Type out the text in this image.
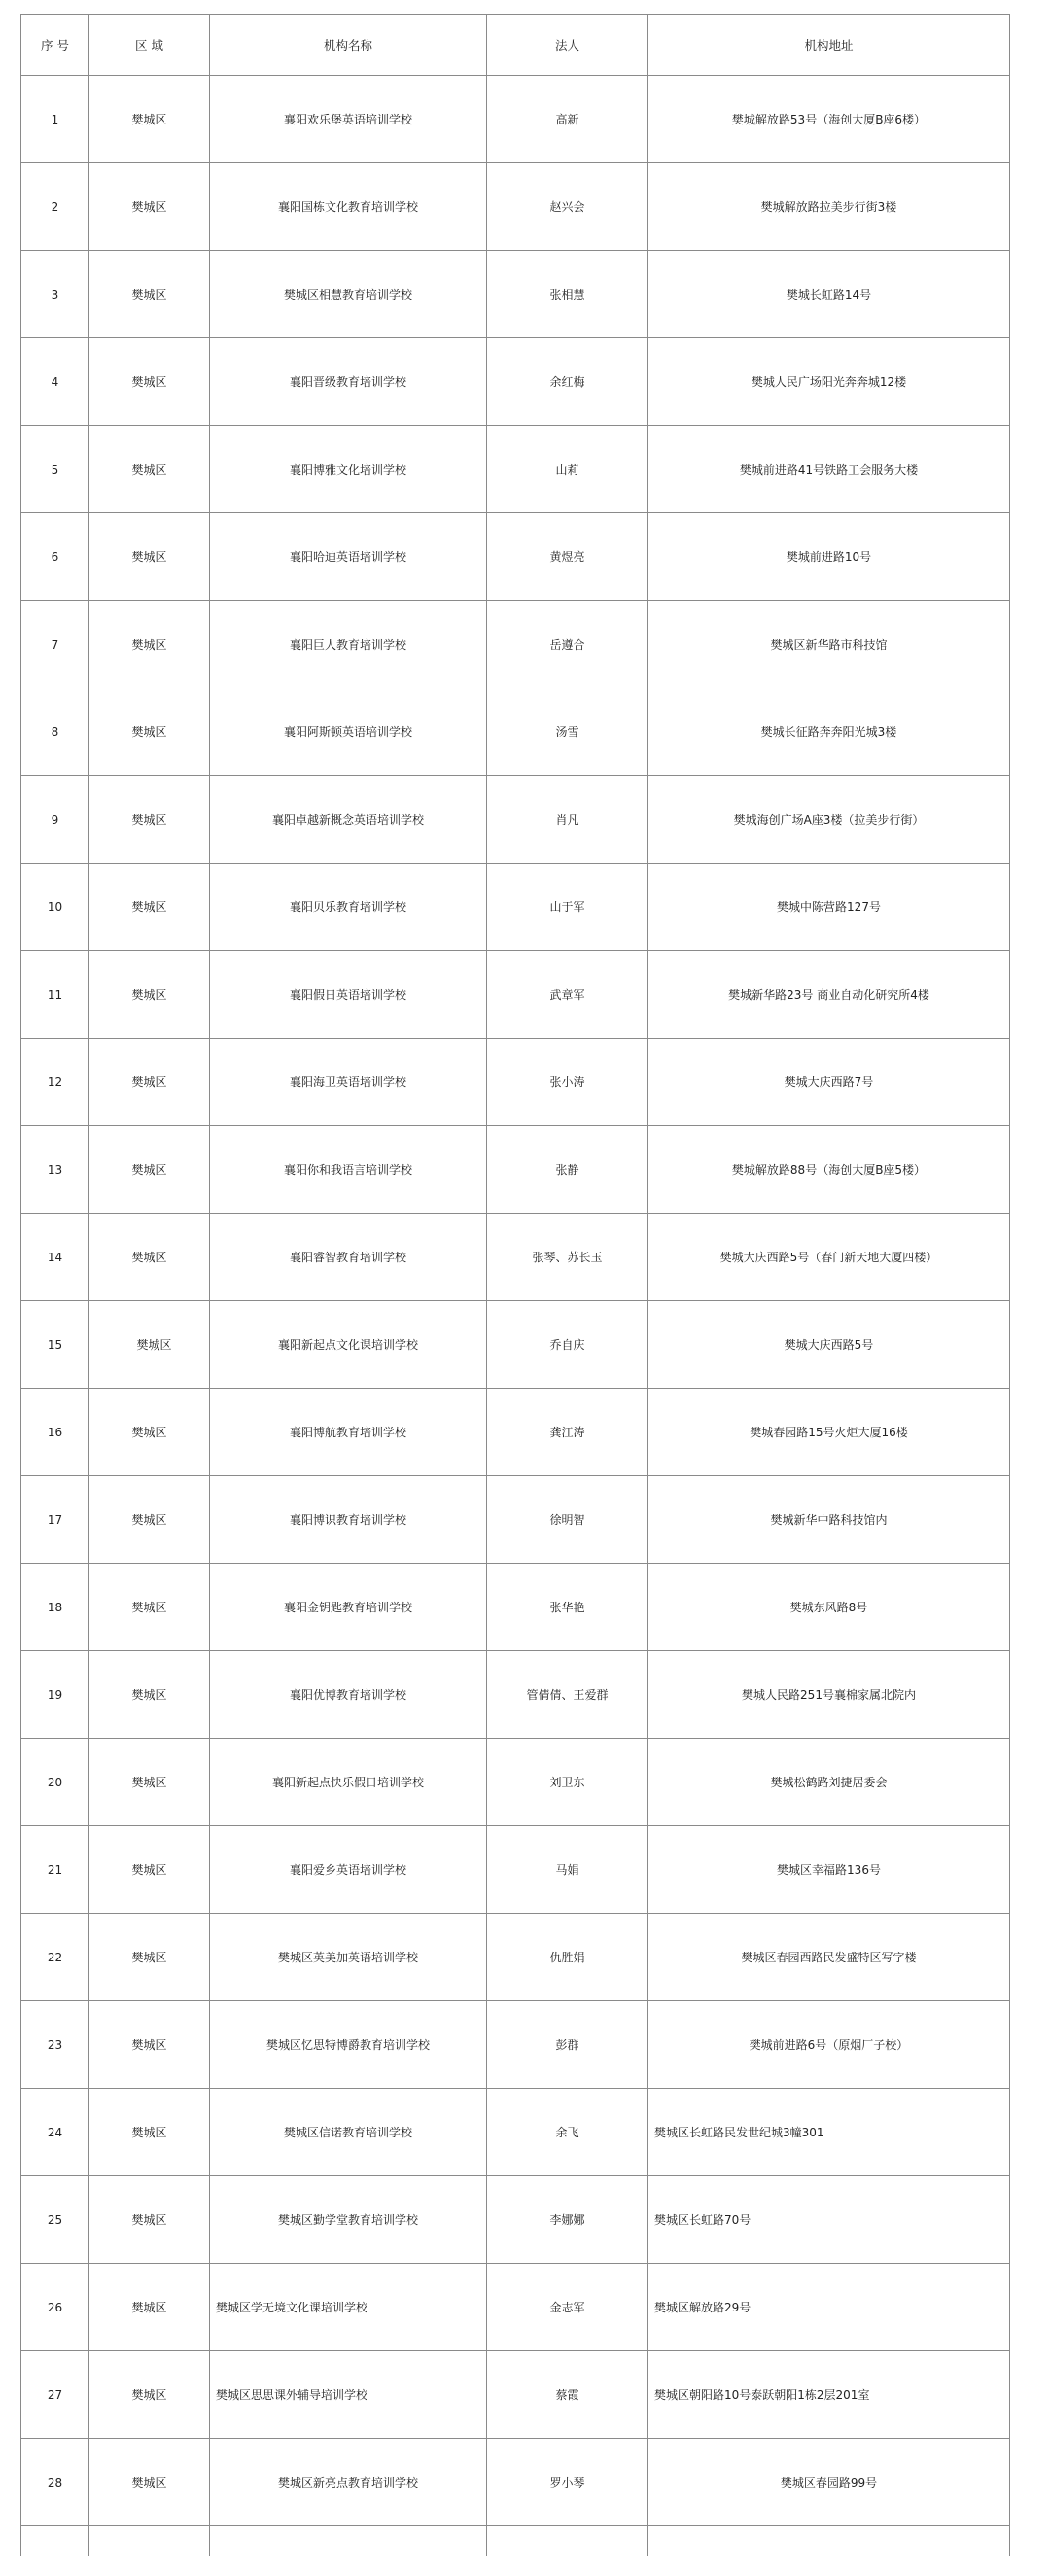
序 号	区 域	机构名称	法人	机构地址
1	樊城区	襄阳欢乐堡英语培训学校	高新	樊城解放路53号（海创大厦B座6楼）
2	樊城区	襄阳国栋文化教育培训学校	赵兴会	樊城解放路拉美步行街3楼
3	樊城区	樊城区相慧教育培训学校	张相慧	樊城长虹路14号
4	樊城区	襄阳晋级教育培训学校	余红梅	樊城人民广场阳光奔奔城12楼
5	樊城区	襄阳博雅文化培训学校	山莉	樊城前进路41号铁路工会服务大楼
6	樊城区	襄阳哈迪英语培训学校	黄煜亮	樊城前进路10号
7	樊城区	襄阳巨人教育培训学校	岳遵合	樊城区新华路市科技馆
8	樊城区	襄阳阿斯顿英语培训学校	汤雪	樊城长征路奔奔阳光城3楼
9	樊城区	襄阳卓越新概念英语培训学校	肖凡	樊城海创广场A座3楼（拉美步行街）
10	樊城区	襄阳贝乐教育培训学校	山于军	樊城中陈营路127号
11	樊城区	襄阳假日英语培训学校	武章军	樊城新华路23号 商业自动化研究所4楼
12	樊城区	襄阳海卫英语培训学校	张小涛	樊城大庆西路7号
13	樊城区	襄阳你和我语言培训学校	张静	樊城解放路88号（海创大厦B座5楼）
14	樊城区	襄阳睿智教育培训学校	张琴、苏长玉	樊城大庆西路5号（春门新天地大厦四楼）
15	樊城区	襄阳新起点文化课培训学校	乔自庆	樊城大庆西路5号
16	樊城区	襄阳博航教育培训学校	龚江涛	樊城春园路15号火炬大厦16楼
17	樊城区	襄阳博识教育培训学校	徐明智	樊城新华中路科技馆内
18	樊城区	襄阳金钥匙教育培训学校	张华艳	樊城东风路8号
19	樊城区	襄阳优博教育培训学校	管倩倩、王爱群	樊城人民路251号襄棉家属北院内
20	樊城区	襄阳新起点快乐假日培训学校	刘卫东	樊城松鹤路刘捷居委会
21	樊城区	襄阳爱乡英语培训学校	马娟	樊城区幸福路136号
22	樊城区	樊城区英美加英语培训学校	仇胜娟	樊城区春园西路民发盛特区写字楼
23	樊城区	樊城区忆思特博爵教育培训学校	彭群	樊城前进路6号（原烟厂子校）
24	樊城区	樊城区信诺教育培训学校	余飞	樊城区长虹路民发世纪城3幢301
25	樊城区	樊城区勤学堂教育培训学校	李娜娜	樊城区长虹路70号
26	樊城区	樊城区学无境文化课培训学校	金志军	樊城区解放路29号
27	樊城区	樊城区思思课外辅导培训学校	蔡霞	樊城区朝阳路10号泰跃朝阳1栋2层201室
28	樊城区	樊城区新亮点教育培训学校	罗小琴	樊城区春园路99号
